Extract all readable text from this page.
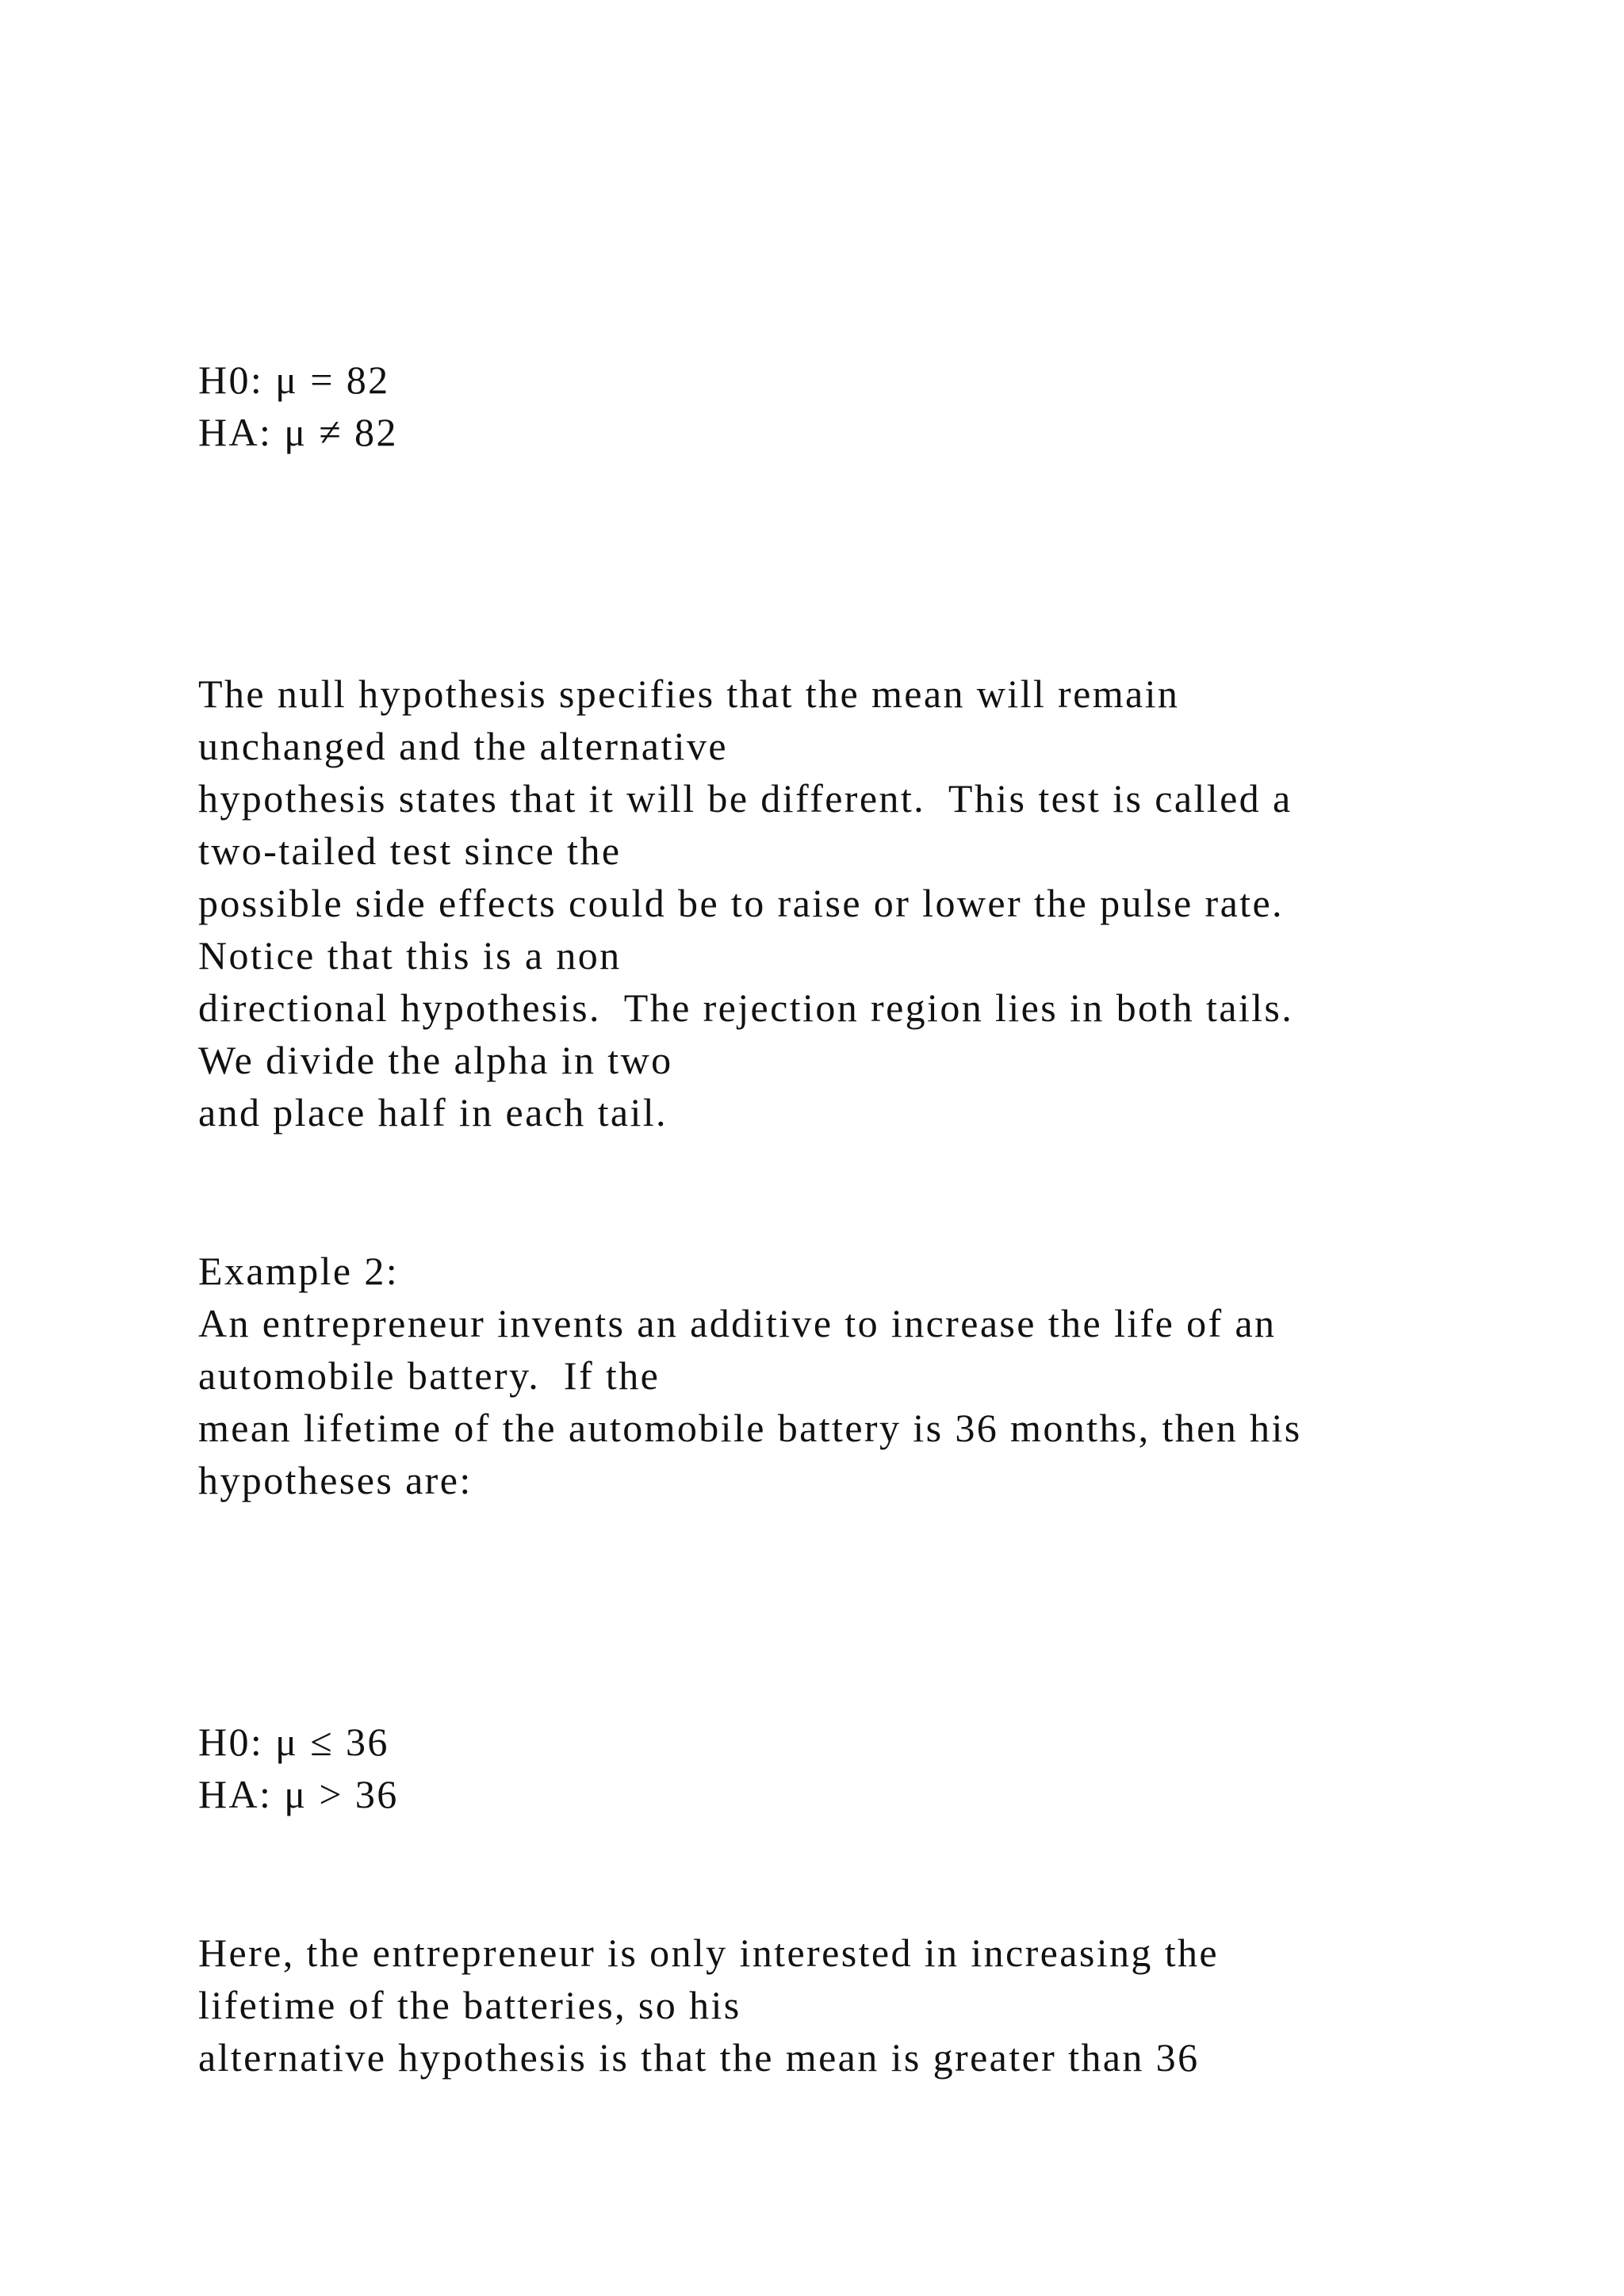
H0: μ = 82

HA: μ ≠ 82

The null hypothesis specifies that the mean will remain

unchanged and the alternative

hypothesis states that it will be different.  This test is called a

two-tailed test since the

possible side effects could be to raise or lower the pulse rate.

Notice that this is a non

directional hypothesis.  The rejection region lies in both tails.

We divide the alpha in two

and place half in each tail.

Example 2:

An entrepreneur invents an additive to increase the life of an

automobile battery.  If the

mean lifetime of the automobile battery is 36 months, then his

hypotheses are:

H0: μ ≤ 36

HA: μ > 36

Here, the entrepreneur is only interested in increasing the

lifetime of the batteries, so his

alternative hypothesis is that the mean is greater than 36
